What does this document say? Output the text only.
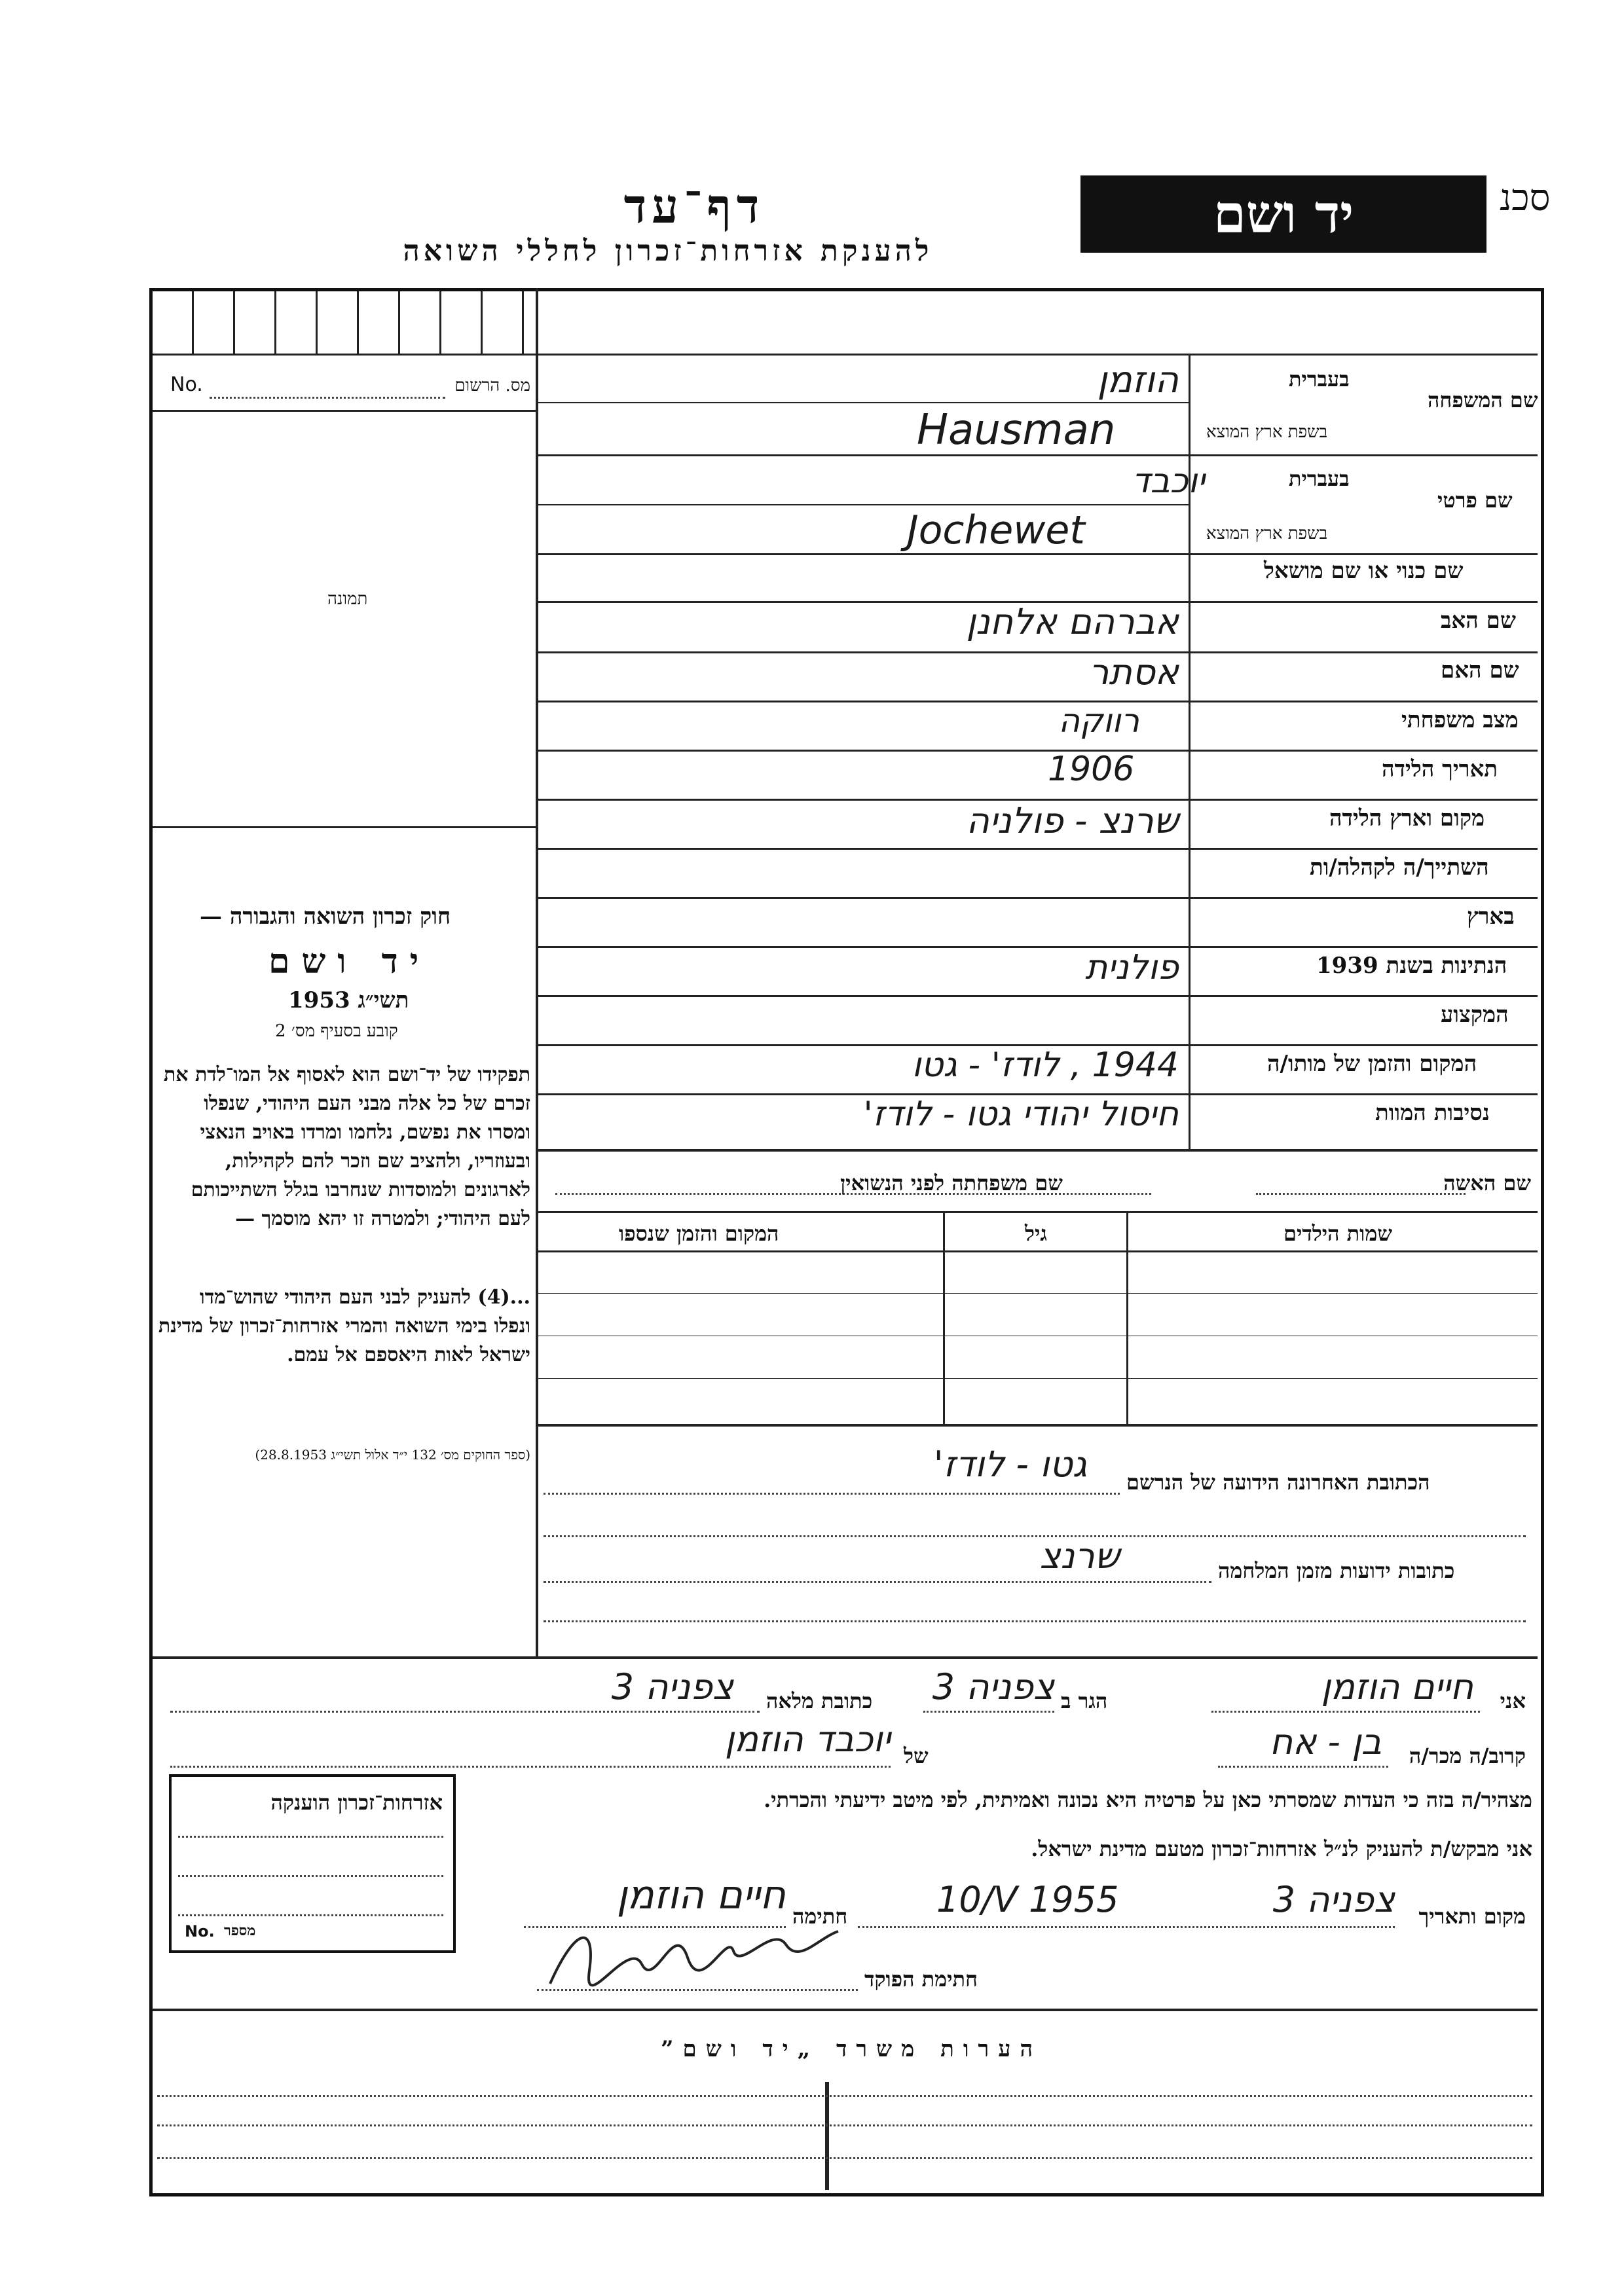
סכנ
יד ושם
דף־עד
להענקת אזרחות־זכרון לחללי השואה
No.	מס. הרשום
תמונה
שם המשפחה
בעברית
בשפת ארץ המוצא
הוזמן
Hausman
שם פרטי
בעברית
בשפת ארץ המוצא
יוכבד
Jochewet
שם כנוי או שם מושאל
שם האב
אברהם אלחנן
שם האם
אסתר
מצב משפחתי
רווקה
תאריך הלידה
1906
מקום וארץ הלידה
שרנצ - פולניה
השתייך/ה לקהלה/ות
בארץ
הנתינות בשנת 1939
פולנית
המקצוע
המקום והזמן של מותו/ה
1944 , לודז' - גטו
נסיבות המוות
חיסול יהודי גטו - לודז'
חוק זכרון השואה והגבורה —
יד ושם
תשי״ג 1953
קובע בסעיף מס׳ 2
תפקידו של יד־ושם הוא לאסוף אל המו־לדת את זכרם של כל אלה מבני העם היהודי, שנפלו ומסרו את נפשם, נלחמו ומרדו באויב הנאצי ובעוזריו, ולהציב שם וזכר להם לקהילות, לארגונים ולמוסדות שנחרבו בגלל השתייכותם לעם היהודי; ולמטרה זו יהא מוסמך —
...(4) להעניק לבני העם היהודי שהוש־מדו ונפלו בימי השואה והמרי אזרחות־זכרון של מדינת ישראל לאות היאספם אל עמם.
(ספר החוקים מס׳ 132 י״ד אלול תשי״ג 28.8.1953)
שם האשה
שם משפחתה לפני הנשואין
שמות הילדים
גיל
המקום והזמן שנספו
הכתובת האחרונה הידועה של הנרשם
גטו - לודז'
כתובות ידועות מזמן המלחמה
שרנצ
אני
חיים הוזמן
הגר ב
צפניה 3
כתובת מלאה
צפניה 3
קרוב/ה מכר/ה
בן - אח
של
יוכבד הוזמן
מצהיר/ה בזה כי העדות שמסרתי כאן על פרטיה היא נכונה ואמיתית, לפי מיטב ידיעתי והכרתי.
אני מבקש/ת להעניק לנ״ל אזרחות־זכרון מטעם מדינת ישראל.
מקום ותאריך
צפניה 3
10/V 1955
חתימה
חיים הוזמן
חתימת הפוקד
אזרחות־זכרון הוענקה
No. מספר
הערות משרד „יד ושם”
